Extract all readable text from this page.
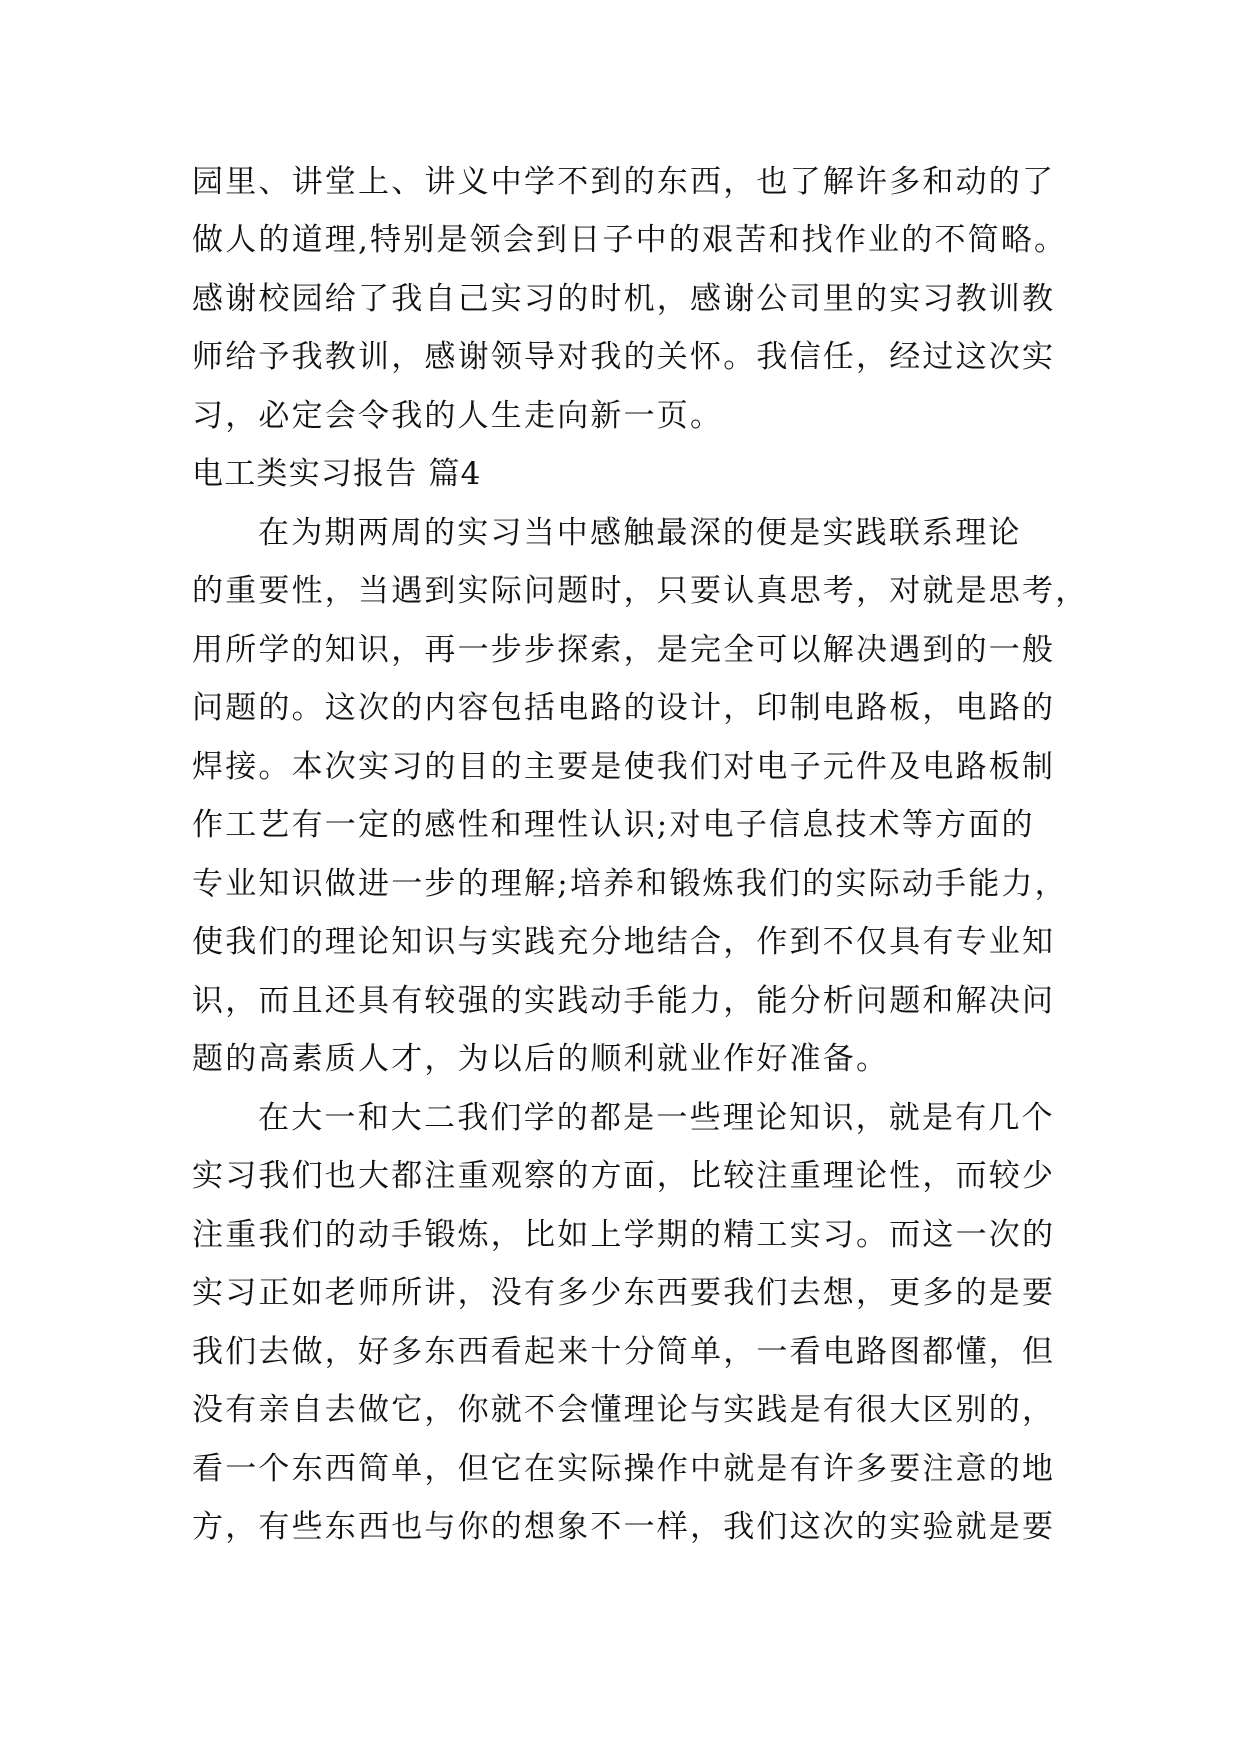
园里、讲堂上、讲义中学不到的东西，也了解许多和动的了
做人的道理,特别是领会到日子中的艰苦和找作业的不简略。
感谢校园给了我自己实习的时机，感谢公司里的实习教训教
师给予我教训，感谢领导对我的关怀。我信任，经过这次实
习，必定会令我的人生走向新一页。
电工类实习报告 篇4
在为期两周的实习当中感触最深的便是实践联系理论
的重要性，当遇到实际问题时，只要认真思考，对就是思考，
用所学的知识，再一步步探索，是完全可以解决遇到的一般
问题的。这次的内容包括电路的设计，印制电路板，电路的
焊接。本次实习的目的主要是使我们对电子元件及电路板制
作工艺有一定的感性和理性认识;对电子信息技术等方面的
专业知识做进一步的理解;培养和锻炼我们的实际动手能力，
使我们的理论知识与实践充分地结合，作到不仅具有专业知
识，而且还具有较强的实践动手能力，能分析问题和解决问
题的高素质人才，为以后的顺利就业作好准备。
在大一和大二我们学的都是一些理论知识，就是有几个
实习我们也大都注重观察的方面，比较注重理论性，而较少
注重我们的动手锻炼，比如上学期的精工实习。而这一次的
实习正如老师所讲，没有多少东西要我们去想，更多的是要
我们去做，好多东西看起来十分简单，一看电路图都懂，但
没有亲自去做它，你就不会懂理论与实践是有很大区别的，
看一个东西简单，但它在实际操作中就是有许多要注意的地
方，有些东西也与你的想象不一样，我们这次的实验就是要
